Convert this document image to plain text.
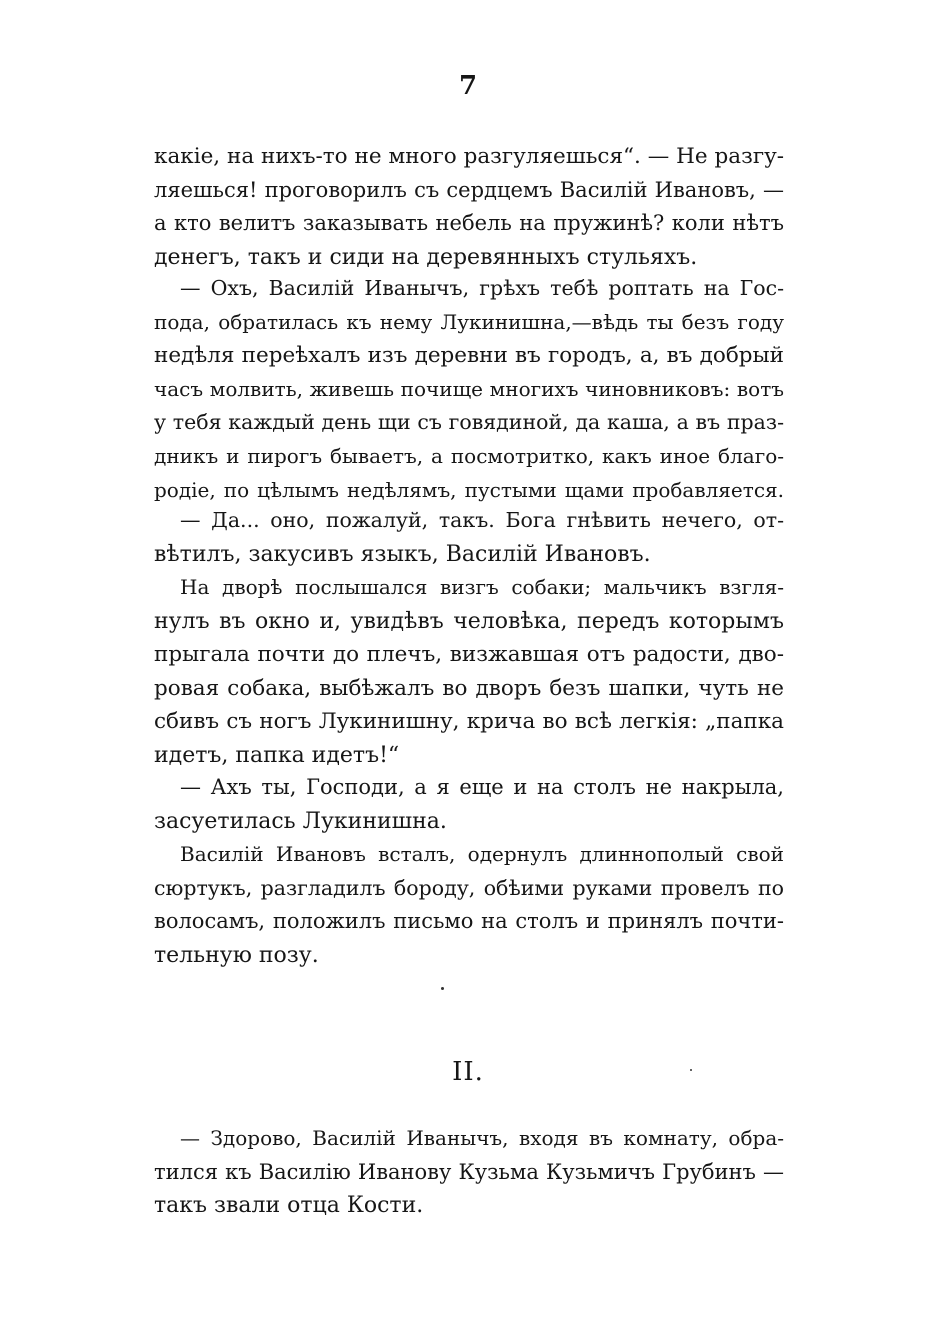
7
какіе, на нихъ-то не много разгуляешься“. — Не разгу-
ляешься! проговорилъ съ сердцемъ Василій Ивановъ, —
а кто велитъ заказывать небель на пружинѣ? коли нѣтъ
денегъ, такъ и сиди на деревянныхъ стульяхъ.
— Охъ, Василій Иванычъ, грѣхъ тебѣ роптать на Гос-
пода, обратилась къ нему Лукинишна,—вѣдь ты безъ году
недѣля переѣхалъ изъ деревни въ городъ, а, въ добрый
часъ молвить, живешь почище многихъ чиновниковъ: вотъ
у тебя каждый день щи съ говядиной, да каша, а въ праз-
дникъ и пирогъ бываетъ, а посмотритко, какъ иное благо-
родіе, по цѣлымъ недѣлямъ, пустыми щами пробавляется.
— Да... оно, пожалуй, такъ. Бога гнѣвить нечего, от-
вѣтилъ, закусивъ языкъ, Василій Ивановъ.
На дворѣ послышался визгъ собаки; мальчикъ взгля-
нулъ въ окно и, увидѣвъ человѣка, передъ которымъ
прыгала почти до плечъ, визжавшая отъ радости, дво-
ровая собака, выбѣжалъ во дворъ безъ шапки, чуть не
сбивъ съ ногъ Лукинишну, крича во всѣ легкія: „папка
идетъ, папка идетъ!“
— Ахъ ты, Господи, а я еще и на столъ не накрыла,
засуетилась Лукинишна.
Василій Ивановъ всталъ, одернулъ длиннополый свой
сюртукъ, разгладилъ бороду, обѣими руками провелъ по
волосамъ, положилъ письмо на столъ и принялъ почти-
тельную позу.
II.
— Здорово, Василій Иванычъ, входя въ комнату, обра-
тился къ Василію Иванову Кузьма Кузьмичъ Грубинъ —
такъ звали отца Кости.
